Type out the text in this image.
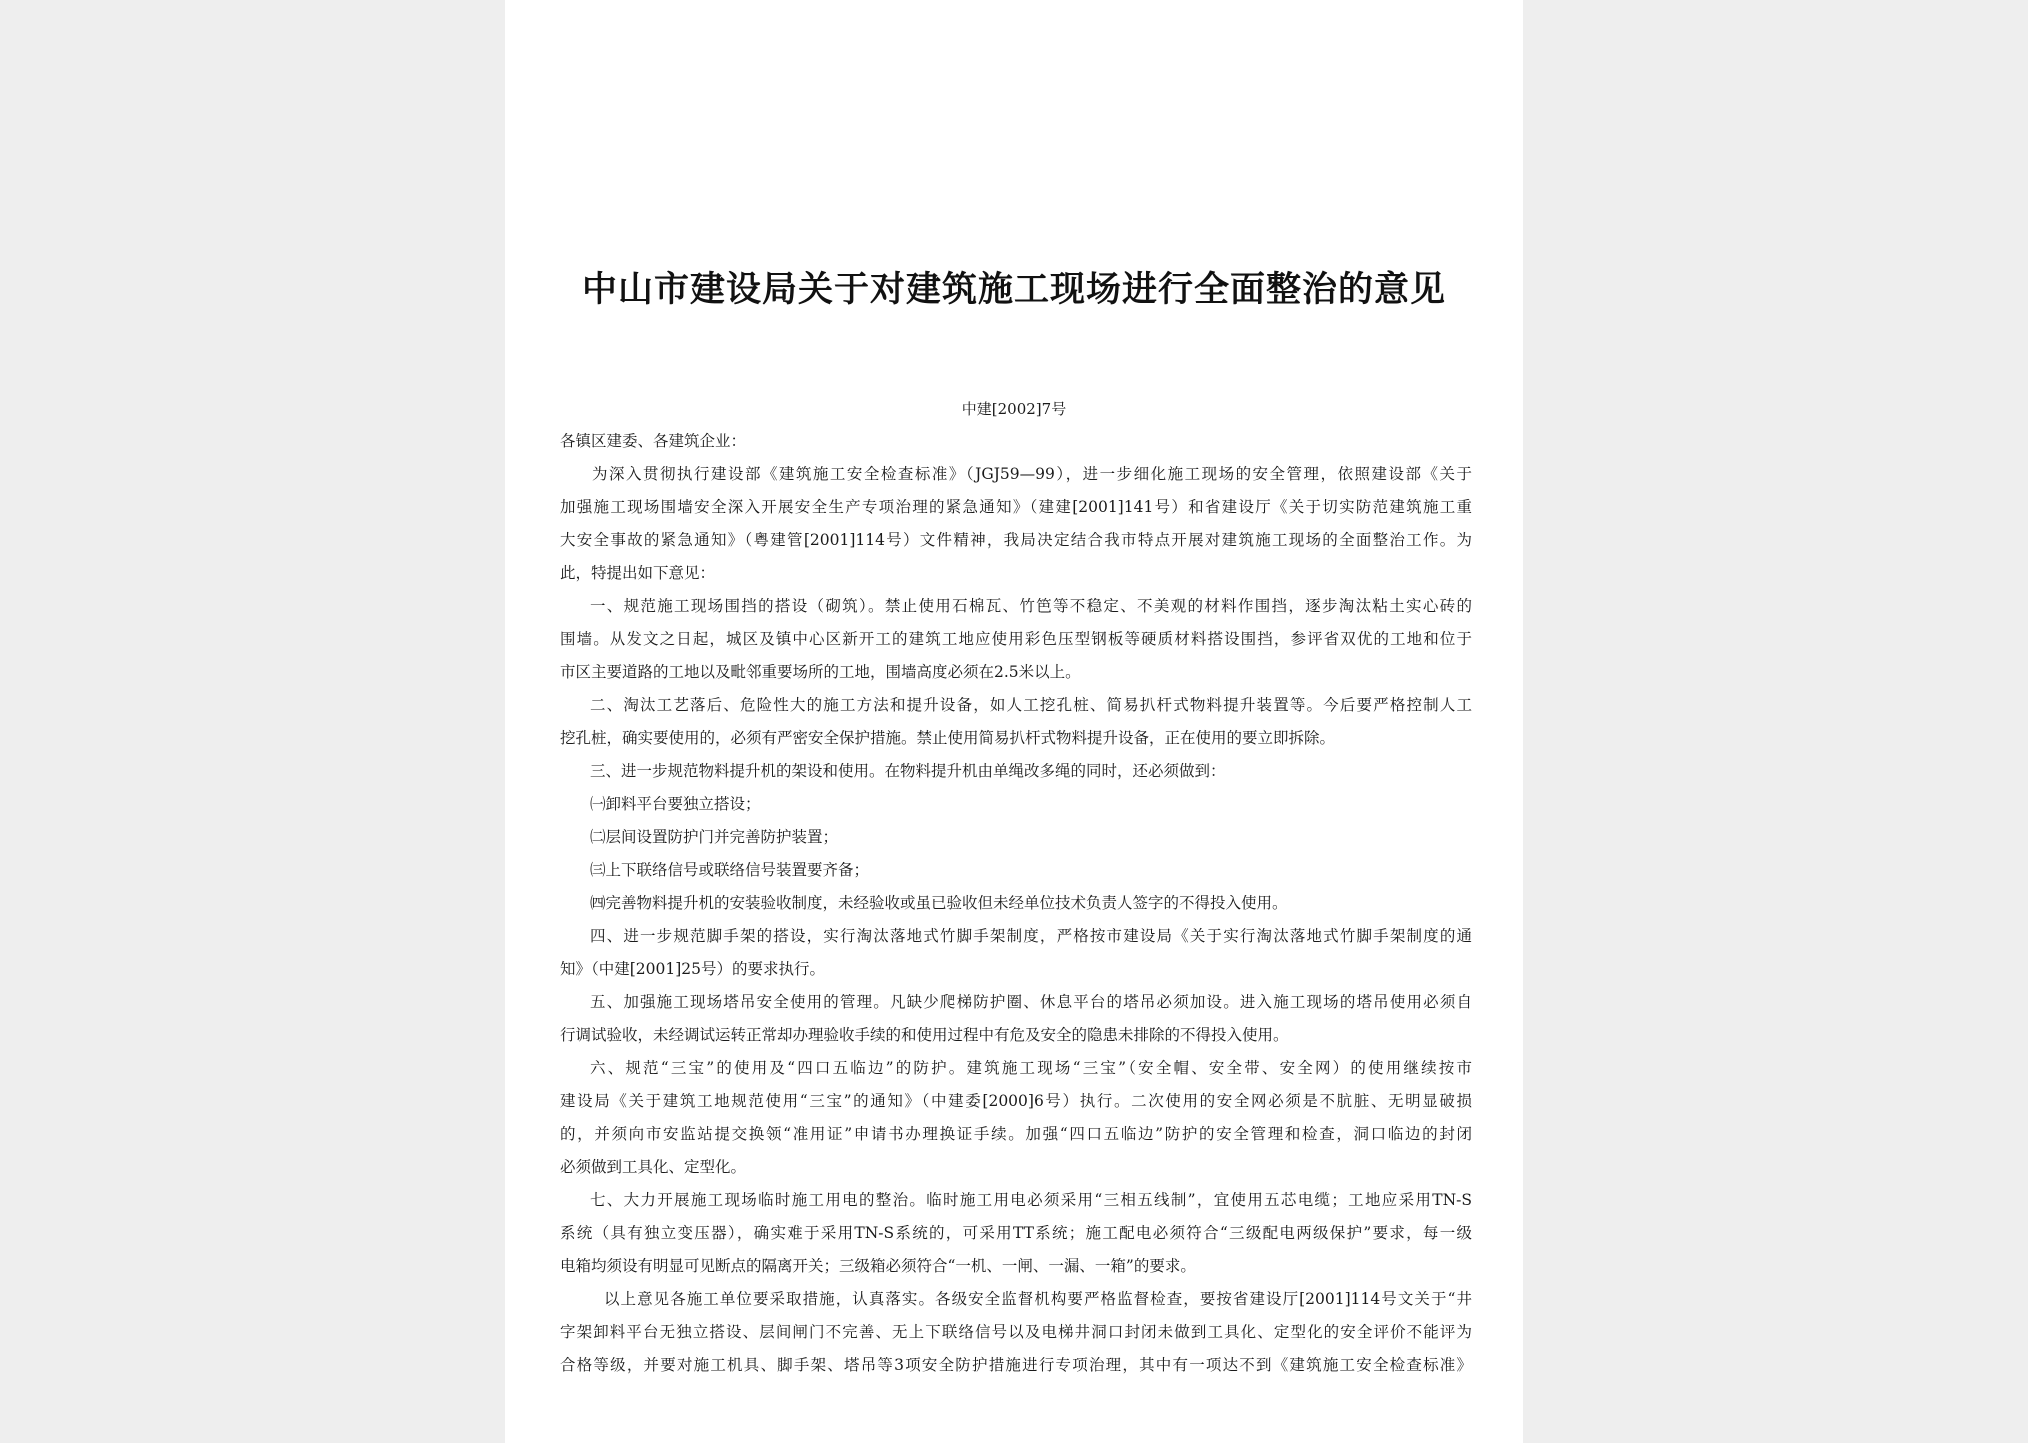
中山市建设局关于对建筑施工现场进行全面整治的意见
中建[2002]7号
各镇区建委、各建筑企业：
为深入贯彻执行建设部《建筑施工安全检查标准》（JGJ59—99），进一步细化施工现场的安全管理，依照建设部《关于
加强施工现场围墙安全深入开展安全生产专项治理的紧急通知》（建建[2001]141号）和省建设厅《关于切实防范建筑施工重
大安全事故的紧急通知》（粤建管[2001]114号）文件精神，我局决定结合我市特点开展对建筑施工现场的全面整治工作。为
此，特提出如下意见：
一、规范施工现场围挡的搭设（砌筑）。禁止使用石棉瓦、竹笆等不稳定、不美观的材料作围挡，逐步淘汰粘土实心砖的
围墙。从发文之日起，城区及镇中心区新开工的建筑工地应使用彩色压型钢板等硬质材料搭设围挡，参评省双优的工地和位于
市区主要道路的工地以及毗邻重要场所的工地，围墙高度必须在2.5米以上。
二、淘汰工艺落后、危险性大的施工方法和提升设备，如人工挖孔桩、简易扒杆式物料提升装置等。今后要严格控制人工
挖孔桩，确实要使用的，必须有严密安全保护措施。禁止使用简易扒杆式物料提升设备，正在使用的要立即拆除。
三、进一步规范物料提升机的架设和使用。在物料提升机由单绳改多绳的同时，还必须做到：
㈠卸料平台要独立搭设；
㈡层间设置防护门并完善防护装置；
㈢上下联络信号或联络信号装置要齐备；
㈣完善物料提升机的安装验收制度，未经验收或虽已验收但未经单位技术负责人签字的不得投入使用。
四、进一步规范脚手架的搭设，实行淘汰落地式竹脚手架制度，严格按市建设局《关于实行淘汰落地式竹脚手架制度的通
知》（中建[2001]25号）的要求执行。
五、加强施工现场塔吊安全使用的管理。凡缺少爬梯防护圈、休息平台的塔吊必须加设。进入施工现场的塔吊使用必须自
行调试验收，未经调试运转正常却办理验收手续的和使用过程中有危及安全的隐患未排除的不得投入使用。
六、规范“三宝”的使用及“四口五临边”的防护。建筑施工现场“三宝”（安全帽、安全带、安全网）的使用继续按市
建设局《关于建筑工地规范使用“三宝”的通知》（中建委[2000]6号）执行。二次使用的安全网必须是不肮脏、无明显破损
的，并须向市安监站提交换领“准用证”申请书办理换证手续。加强“四口五临边”防护的安全管理和检查，洞口临边的封闭
必须做到工具化、定型化。
七、大力开展施工现场临时施工用电的整治。临时施工用电必须采用“三相五线制”，宜使用五芯电缆；工地应采用TN-S
系统（具有独立变压器），确实难于采用TN-S系统的，可采用TT系统；施工配电必须符合“三级配电两级保护”要求，每一级
电箱均须设有明显可见断点的隔离开关；三级箱必须符合“一机、一闸、一漏、一箱”的要求。
以上意见各施工单位要采取措施，认真落实。各级安全监督机构要严格监督检查，要按省建设厅[2001]114号文关于“井
字架卸料平台无独立搭设、层间闸门不完善、无上下联络信号以及电梯井洞口封闭未做到工具化、定型化的安全评价不能评为
合格等级，并要对施工机具、脚手架、塔吊等3项安全防护措施进行专项治理，其中有一项达不到《建筑施工安全检查标准》
